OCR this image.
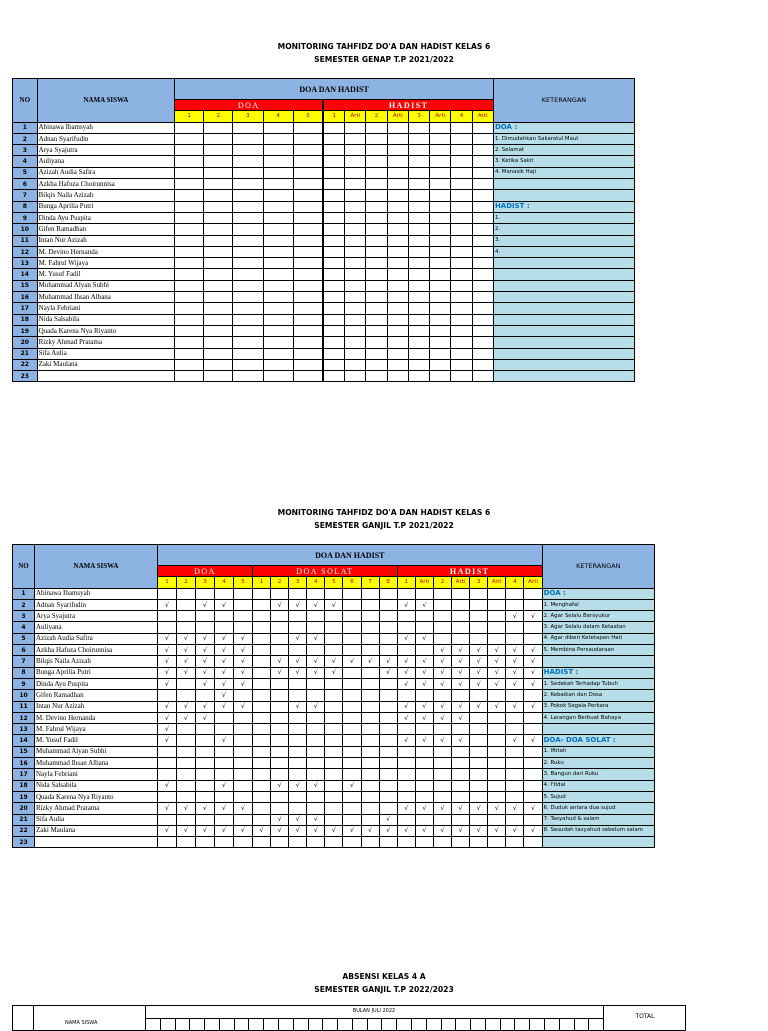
MONITORING TAHFIDZ DO'A DAN HADIST KELAS 6
SEMESTER GENAP T.P 2021/2022
NO	NAMA SISWA	DOA DAN HADIST													KETERANGAN
		DOA					HADIST								
		1	2	3	4	5	1	Arti	2	Arti	3	Arti	4	Arti	
1	Abinawa Ibamsyah														DOA :
2	Adnan Syarifudin														1. Dimudahkan Sakarotul Maut
3	Arya Syajutra														2. Selamat
4	Auliyana														3. Ketika Sakit
5	Azizah Audia Safira														4. Manasik Haji
6	Azkha Hafuza Choirunnisa														
7	Bilqis Naila Azizah														
8	Bunga Aprilia Putri														HADIST :
9	Dinda Ayu Puspita														1.
10	Gifen Ramadhan														2.
11	Intan Nur Azizah														3.
12	M. Devino Hernanda														4.
13	M. Fahrul Wijaya														
14	M. Yusuf Fadil														
15	Muhammad Alyan Subhi														
16	Muhammad Ihsan Albana														
17	Nayla Febriani														
18	Nida Salsabila														
19	Quada Karena Nya Riyanto														
20	Rizky Ahmad Pratama														
21	Sifa Aulia														
22	Zaki Maulana														
23															
MONITORING TAHFIDZ DO'A DAN HADIST KELAS 6
SEMESTER GANJIL T.P 2021/2022
NO	NAMA SISWA	DOA DAN HADIST																					KETERANGAN
		DOA					DOA SOLAT								HADIST								
		1	2	3	4	5	1	2	3	4	5	6	7	8	1	Arti	2	Arti	3	Arti	4	Arti	
1	Abinawa Ibamsyah																						DOA :
2	Adnan Syarifudin	√		√	√			√	√	√	√				√	√							1. Menghafal
3	Arya Syajutra																				√	√	2. Agar Selalu Bersyukur
4	Auliyana																						3. Agar Selalu dalam Ketaatan
5	Azizah Audia Safira	√	√	√	√	√			√	√					√	√							4. Agar diberi Ketetapan Hati
6	Azkha Hafuza Choirunnisa	√	√	√	√	√											√	√	√	√	√	√	5. Membina Persaudaraan
7	Bilqis Naila Azizah	√	√	√	√	√		√	√	√	√	√	√	√	√	√	√	√	√	√	√	√	
8	Bunga Aprilia Putri	√	√	√	√	√		√	√	√	√			√	√	√	√	√	√	√	√	√	HADIST :
9	Dinda Ayu Puspita	√		√	√	√									√	√	√	√	√	√	√	√	1. Sedekah Terhadap Tubuh
10	Gifen Ramadhan				√																		2. Kebaikan dan Dosa
11	Intan Nur Azizah	√	√	√	√	√			√	√					√	√	√	√	√	√	√	√	3. Pokok Segala Perkara
12	M. Devino Hernanda	√	√	√											√	√	√	√					4. Larangan Berbuat Bahaya
13	M. Fahrul Wijaya	√																					
14	M. Yusuf Fadil	√			√										√	√	√	√			√	√	DOA- DOA SOLAT :
15	Muhammad Alyan Subhi																						1. Iftitah
16	Muhammad Ihsan Albana																						2. Ruku
17	Nayla Febriani																						3. Bangun dari Ruku
18	Nida Salsabila	√			√			√	√	√		√											4. I'tidal
19	Quada Karena Nya Riyanto																						5. Sujud
20	Rizky Ahmad Pratama	√	√	√	√	√									√	√	√	√	√	√	√	√	6. Duduk antara dua sujud
21	Sifa Aulia							√	√	√				√									7. Tasyahud & salam
22	Zaki Maulana	√	√	√	√	√	√	√	√	√	√	√	√	√	√	√	√	√	√	√	√	√	8. Sesudah tasyahud sebelum salam
23																							
ABSENSI KELAS 4 A
SEMESTER GANJIL T.P 2022/2023
NAMA SISWA
BULAN JULI 2022
TOTAL
